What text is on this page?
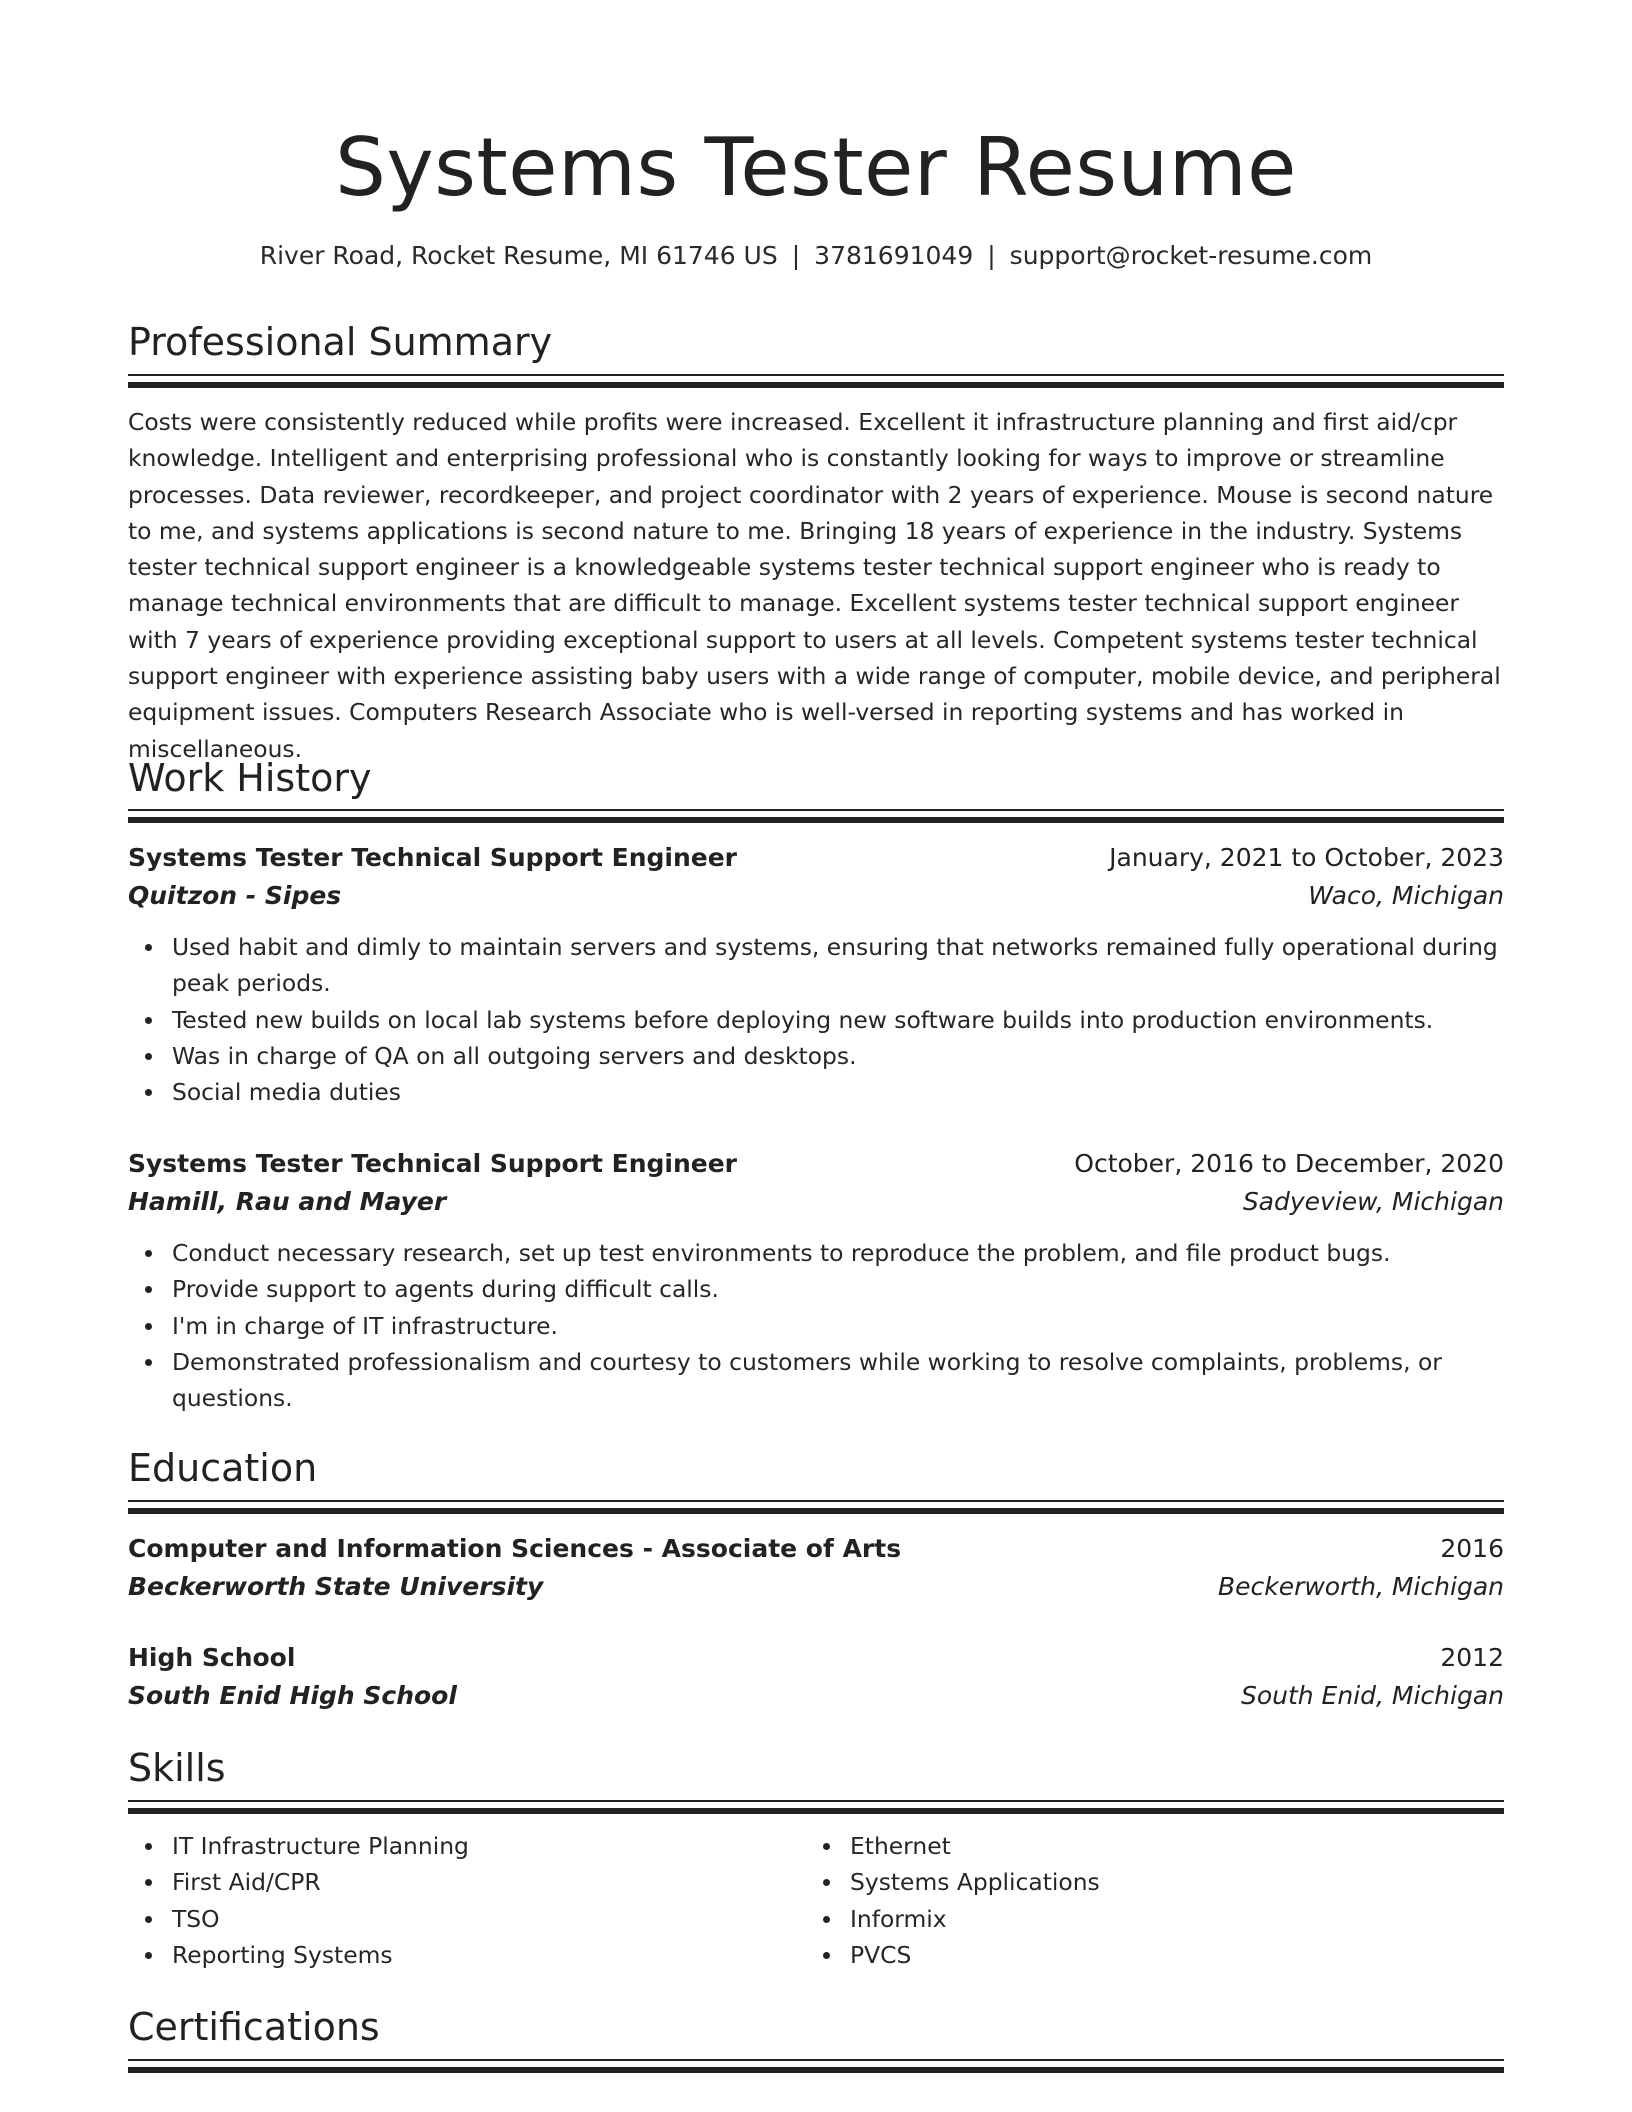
Systems Tester Resume
River Road, Rocket Resume, MI 61746 US | 3781691049 | support@rocket-resume.com
Professional Summary
Costs were consistently reduced while profits were increased. Excellent it infrastructure planning and first aid/cpr knowledge. Intelligent and enterprising professional who is constantly looking for ways to improve or streamline processes. Data reviewer, recordkeeper, and project coordinator with 2 years of experience. Mouse is second nature to me, and systems applications is second nature to me. Bringing 18 years of experience in the industry. Systems tester technical support engineer is a knowledgeable systems tester technical support engineer who is ready to manage technical environments that are difficult to manage. Excellent systems tester technical support engineer with 7 years of experience providing exceptional support to users at all levels. Competent systems tester technical support engineer with experience assisting baby users with a wide range of computer, mobile device, and peripheral equipment issues. Computers Research Associate who is well-versed in reporting systems and has worked in miscellaneous.
Work History
Systems Tester Technical Support Engineer	January, 2021 to October, 2023
Quitzon - Sipes	Waco, Michigan
Used habit and dimly to maintain servers and systems, ensuring that networks remained fully operational during peak periods.
Tested new builds on local lab systems before deploying new software builds into production environments.
Was in charge of QA on all outgoing servers and desktops.
Social media duties
Systems Tester Technical Support Engineer	October, 2016 to December, 2020
Hamill, Rau and Mayer	Sadyeview, Michigan
Conduct necessary research, set up test environments to reproduce the problem, and file product bugs.
Provide support to agents during difficult calls.
I'm in charge of IT infrastructure.
Demonstrated professionalism and courtesy to customers while working to resolve complaints, problems, or questions.
Education
Computer and Information Sciences - Associate of Arts	2016
Beckerworth State University	Beckerworth, Michigan
High School	2012
South Enid High School	South Enid, Michigan
Skills
IT Infrastructure Planning
First Aid/CPR
TSO
Reporting Systems
Ethernet
Systems Applications
Informix
PVCS
Certifications
